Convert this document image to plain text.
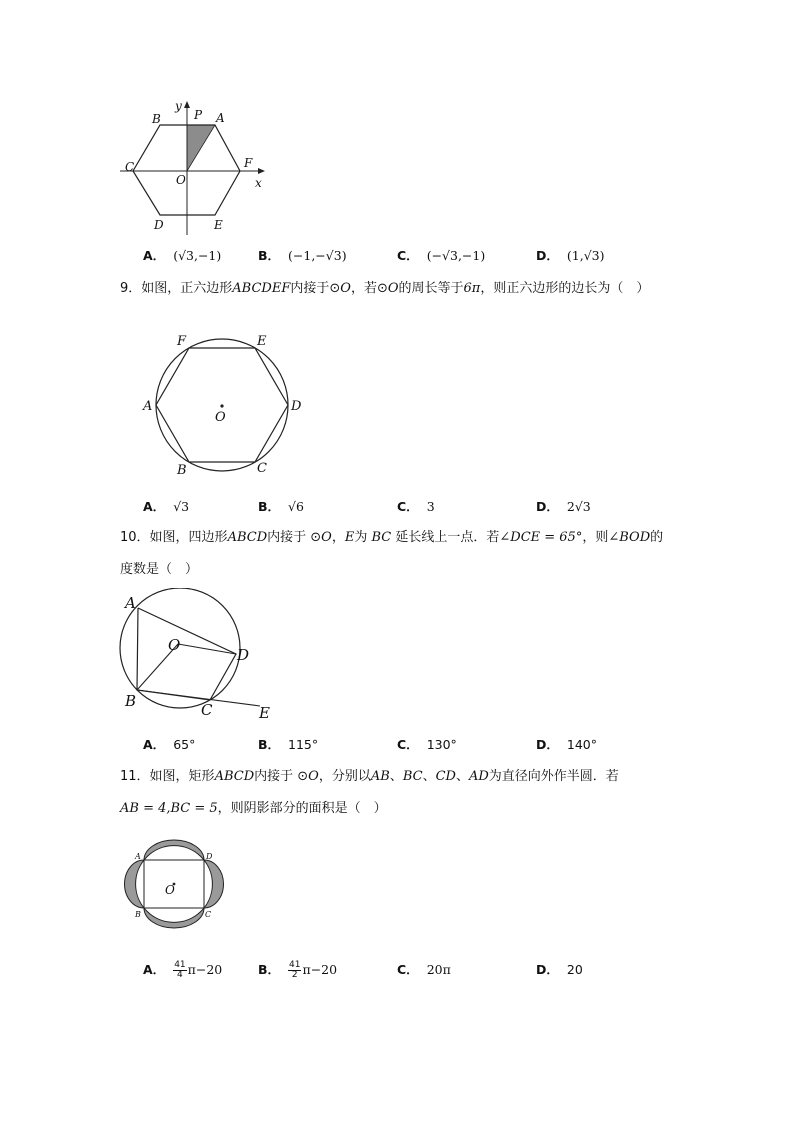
y
P A
B
C
O
F
x
D	E
A． (√3,−1)	B． (−1,−√3)	C． (−√3,−1)	D． (1,√3)
9．如图，正六边形ABCDEF内接于⊙O，若⊙O的周长等于6π，则正六边形的边长为（　）
F	E
A	D
O
B	C
A． √3	B． √6	C． 3	D． 2√3
10．如图，四边形ABCD内接于 ⊙O，E为 BC 延长线上一点．若∠DCE = 65°，则∠BOD的
度数是（　）
A
O
D
B	C	E
A． 65°	B． 115°	C． 130°	D． 140°
11．如图，矩形ABCD内接于 ⊙O，分别以AB、BC、CD、AD为直径向外作半圆．若
AB = 4,BC = 5，则阴影部分的面积是（　）
A	D
B	C
O
A． $\frac{41}{4} \pi-20$	B． $\frac{41}{2} \pi-20$	C． 20π	D． 20
